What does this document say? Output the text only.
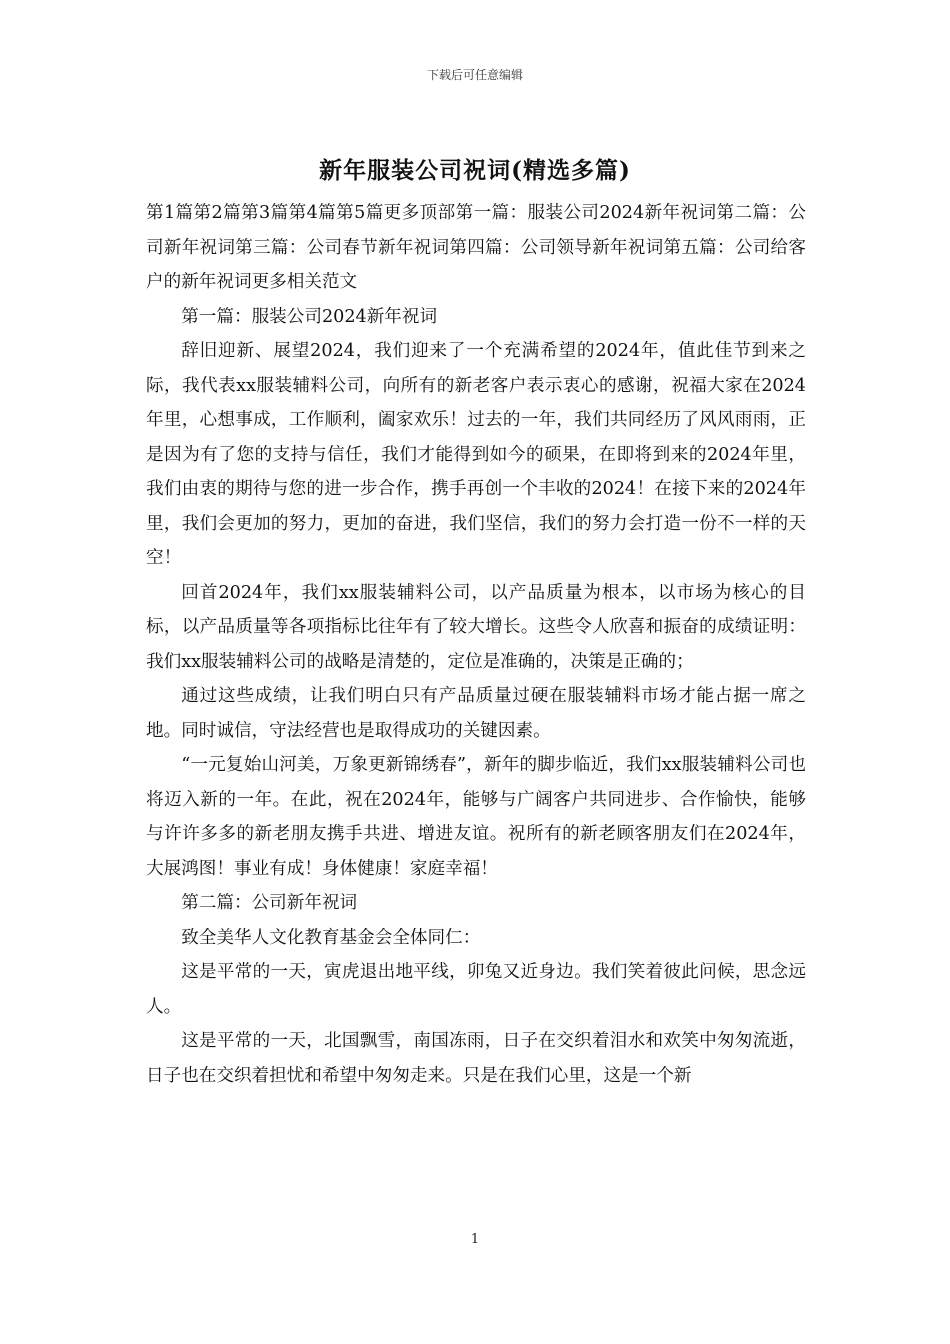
下载后可任意编辑
新年服装公司祝词(精选多篇)

第1篇第2篇第3篇第4篇第5篇更多顶部第一篇：服装公司2024新年祝词第二篇：公司新年祝词第三篇：公司春节新年祝词第四篇：公司领导新年祝词第五篇：公司给客户的新年祝词更多相关范文

第一篇：服装公司2024新年祝词

辞旧迎新、展望2024，我们迎来了一个充满希望的2024年，值此佳节到来之际，我代表xx服装辅料公司，向所有的新老客户表示衷心的感谢，祝福大家在2024年里，心想事成，工作顺利，阖家欢乐！过去的一年，我们共同经历了风风雨雨，正是因为有了您的支持与信任，我们才能得到如今的硕果，在即将到来的2024年里，我们由衷的期待与您的进一步合作，携手再创一个丰收的2024！在接下来的2024年里，我们会更加的努力，更加的奋进，我们坚信，我们的努力会打造一份不一样的天空！

回首2024年，我们xx服装辅料公司，以产品质量为根本，以市场为核心的目标，以产品质量等各项指标比往年有了较大增长。这些令人欣喜和振奋的成绩证明：我们xx服装辅料公司的战略是清楚的，定位是准确的，决策是正确的；

通过这些成绩，让我们明白只有产品质量过硬在服装辅料市场才能占据一席之地。同时诚信，守法经营也是取得成功的关键因素。

“一元复始山河美，万象更新锦绣春”，新年的脚步临近，我们xx服装辅料公司也将迈入新的一年。在此，祝在2024年，能够与广阔客户共同进步、合作愉快，能够与许许多多的新老朋友携手共进、增进友谊。祝所有的新老顾客朋友们在2024年，大展鸿图！事业有成！身体健康！家庭幸福！

第二篇：公司新年祝词

致全美华人文化教育基金会全体同仁：

这是平常的一天，寅虎退出地平线，卯兔又近身边。我们笑着彼此问候，思念远人。

这是平常的一天，北国飘雪，南国冻雨，日子在交织着泪水和欢笑中匆匆流逝，日子也在交织着担忧和希望中匆匆走来。只是在我们心里，这是一个新

1
